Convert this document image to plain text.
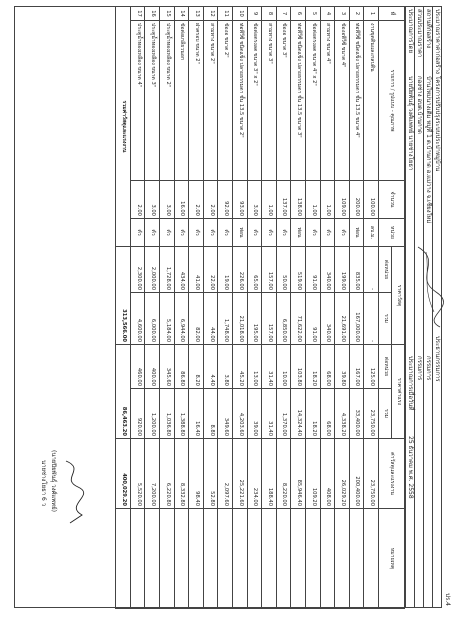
ปร.4
ประมาณราคาค่าก่อสร้าง
โครงการปรับปรุงระบบประปาหมู่บ้าน
ประธานกรรมการ
สถานที่ก่อสร้าง
บ้านใหม่นางเติม หมู่ที่ 1 ต.บ้านกาด อ.แม่วาง จ.เชียงใหม่
กรรมการ
ส่วนประมาณราคา
กองช่าง อบต.บ้านกาด
กรรมการ
ประมาณการโดย
นายปิยพันธุ์ วงศ์แพทย์ นายช่างโยธา
ประมาณการเมื่อวันที่
25 ธันวาคม พ.ศ. 2558
ที่	รายการ / รูปแบบ - คุณภาพ	จำนวน	หน่วย	ราคาวัสดุ		ราคาค่าแรง		ค่าวัสดุและแรงงาน	หมายเหตุ
				ต่อหน่วย	รวม	ต่อหน่วย	รวม		
1	งานขุดดินและกลบดิน	100.00	ลบ.ม.	-	-	125.00	23,750.00	23,750.00	
2	ท่อพีวีซี ชนิดแข็ง ปลายธรรมดา ชั้น 13.5 ขนาด 4"	200.00	ท่อน	835.00	167,000.00	167.00	33,400.00	200,400.00	
3	ข้องอพีวีซี ขนาด 4"	109.00	ตัว	199.00	21,691.00	39.80	4,338.20	26,029.20	
4	สามทาง ขนาด 4"	1.00	ตัว	340.00	340.00	68.00	68.00	408.00	
5	ข้อต่อตรงลด ขนาด 4" x 2"	1.00	ตัว	91.00	91.00	18.20	18.20	109.20	
6	ท่อพีวีซี ชนิดแข็ง ปลายธรรมดา ชั้น 13.5 ขนาด 3"	138.00	ท่อน	519.00	71,622.00	103.80	14,324.40	85,946.40	
7	ข้องอ ขนาด 3"	137.00	ตัว	50.00	6,850.00	10.00	1,370.00	8,220.00	
8	สามทาง ขนาด 3"	1.00	ตัว	157.00	157.00	31.40	31.40	188.40	
9	ข้อต่อตรงลด ขนาด 3" x 2"	3.00	ตัว	65.00	195.00	13.00	39.00	234.00	
10	ท่อพีวีซี ชนิดแข็ง ปลายธรรมดา ชั้น 13.5 ขนาด 2"	93.00	ท่อน	226.00	21,018.00	45.20	4,203.60	25,221.60	
11	ข้องอ ขนาด 2"	92.00	ตัว	19.00	1,748.00	3.80	349.60	2,097.60	
12	สามทาง ขนาด 2"	2.00	ตัว	22.00	44.00	4.40	8.80	52.80	
13	ฝาครอบ ขนาด 2"	2.00	ตัว	41.00	82.00	8.20	16.40	98.40	
14	ข้อต่อเกลียวนอก	16.00	ตัว	434.00	6,944.00	86.80	1,388.80	8,332.80	
15	ประตูน้ำทองเหลือง ขนาด 2"	3.00	ตัว	1,728.00	5,184.00	345.60	1,036.80	6,220.80	
16	ประตูน้ำทองเหลือง ขนาด 3"	3.00	ตัว	2,000.00	6,000.00	400.00	1,200.00	7,200.00	
17	ประตูน้ำทองเหลือง ขนาด 4"	2.00	ตัว	2,300.00	4,600.00	460.00	920.00	5,520.00	
รวมค่าวัสดุและแรงงาน				313,566.00		86,463.20		400,029.20	
(นายปิยพันธุ์ วงศ์แพทย์)
นายช่างโยธา 6 ว
